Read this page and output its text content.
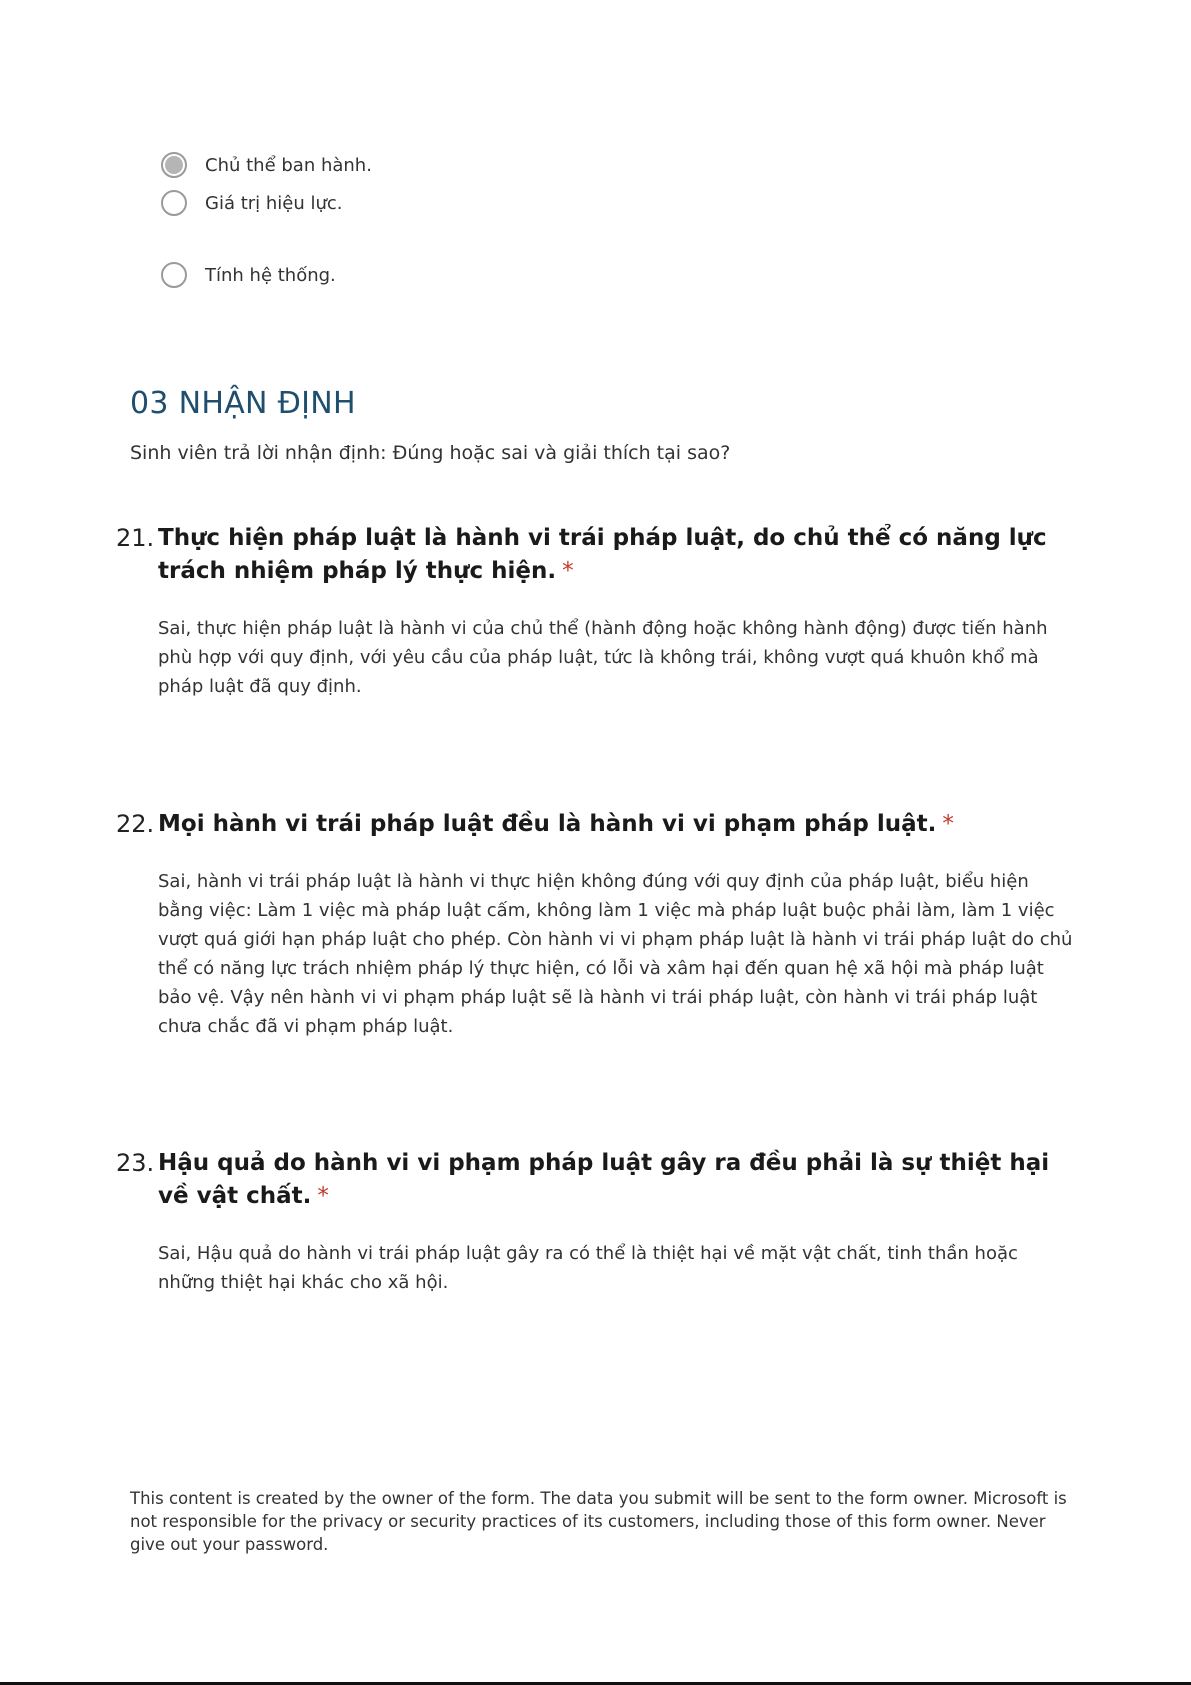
Chủ thể ban hành.
Giá trị hiệu lực.
Tính hệ thống.
03 NHẬN ĐỊNH
Sinh viên trả lời nhận định: Đúng hoặc sai và giải thích tại sao?
21. Thực hiện pháp luật là hành vi trái pháp luật, do chủ thể có năng lực trách nhiệm pháp lý thực hiện. *
Sai, thực hiện pháp luật là hành vi của chủ thể (hành động hoặc không hành động) được tiến hành phù hợp với quy định, với yêu cầu của pháp luật, tức là không trái, không vượt quá khuôn khổ mà pháp luật đã quy định.
22. Mọi hành vi trái pháp luật đều là hành vi vi phạm pháp luật. *
Sai, hành vi trái pháp luật là hành vi thực hiện không đúng với quy định của pháp luật, biểu hiện bằng việc: Làm 1 việc mà pháp luật cấm, không làm 1 việc mà pháp luật buộc phải làm, làm 1 việc vượt quá giới hạn pháp luật cho phép. Còn hành vi vi phạm pháp luật là hành vi trái pháp luật do chủ thể có năng lực trách nhiệm pháp lý thực hiện, có lỗi và xâm hại đến quan hệ xã hội mà pháp luật bảo vệ. Vậy nên hành vi vi phạm pháp luật sẽ là hành vi trái pháp luật, còn hành vi trái pháp luật chưa chắc đã vi phạm pháp luật.
23. Hậu quả do hành vi vi phạm pháp luật gây ra đều phải là sự thiệt hại về vật chất. *
Sai, Hậu quả do hành vi trái pháp luật gây ra có thể là thiệt hại về mặt vật chất, tinh thần hoặc những thiệt hại khác cho xã hội.
This content is created by the owner of the form. The data you submit will be sent to the form owner. Microsoft is not responsible for the privacy or security practices of its customers, including those of this form owner. Never give out your password.
